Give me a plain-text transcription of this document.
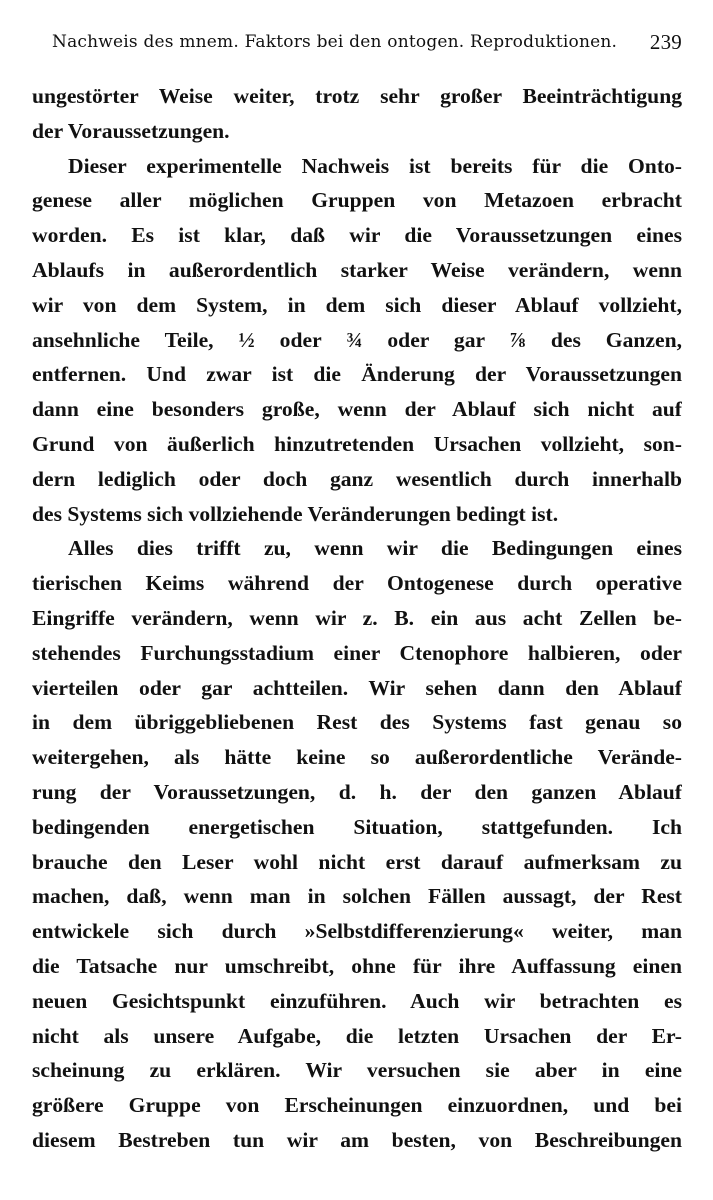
Nachweis des mnem. Faktors bei den ontogen. Reproduktionen. 239
ungestörter Weise weiter, trotz sehr großer Beeinträchtigung
der Voraussetzungen.
Dieser experimentelle Nachweis ist bereits für die Onto-
genese aller möglichen Gruppen von Metazoen erbracht
worden. Es ist klar, daß wir die Voraussetzungen eines
Ablaufs in außerordentlich starker Weise verändern, wenn
wir von dem System, in dem sich dieser Ablauf vollzieht,
ansehnliche Teile, ½ oder ¾ oder gar ⅞ des Ganzen,
entfernen. Und zwar ist die Änderung der Voraussetzungen
dann eine besonders große, wenn der Ablauf sich nicht auf
Grund von äußerlich hinzutretenden Ursachen vollzieht, son-
dern lediglich oder doch ganz wesentlich durch innerhalb
des Systems sich vollziehende Veränderungen bedingt ist.
Alles dies trifft zu, wenn wir die Bedingungen eines
tierischen Keims während der Ontogenese durch operative
Eingriffe verändern, wenn wir z. B. ein aus acht Zellen be-
stehendes Furchungsstadium einer Ctenophore halbieren, oder
vierteilen oder gar achtteilen. Wir sehen dann den Ablauf
in dem übriggebliebenen Rest des Systems fast genau so
weitergehen, als hätte keine so außerordentliche Verände-
rung der Voraussetzungen, d. h. der den ganzen Ablauf
bedingenden energetischen Situation, stattgefunden. Ich
brauche den Leser wohl nicht erst darauf aufmerksam zu
machen, daß, wenn man in solchen Fällen aussagt, der Rest
entwickele sich durch »Selbstdifferenzierung« weiter, man
die Tatsache nur umschreibt, ohne für ihre Auffassung einen
neuen Gesichtspunkt einzuführen. Auch wir betrachten es
nicht als unsere Aufgabe, die letzten Ursachen der Er-
scheinung zu erklären. Wir versuchen sie aber in eine
größere Gruppe von Erscheinungen einzuordnen, und bei
diesem Bestreben tun wir am besten, von Beschreibungen
